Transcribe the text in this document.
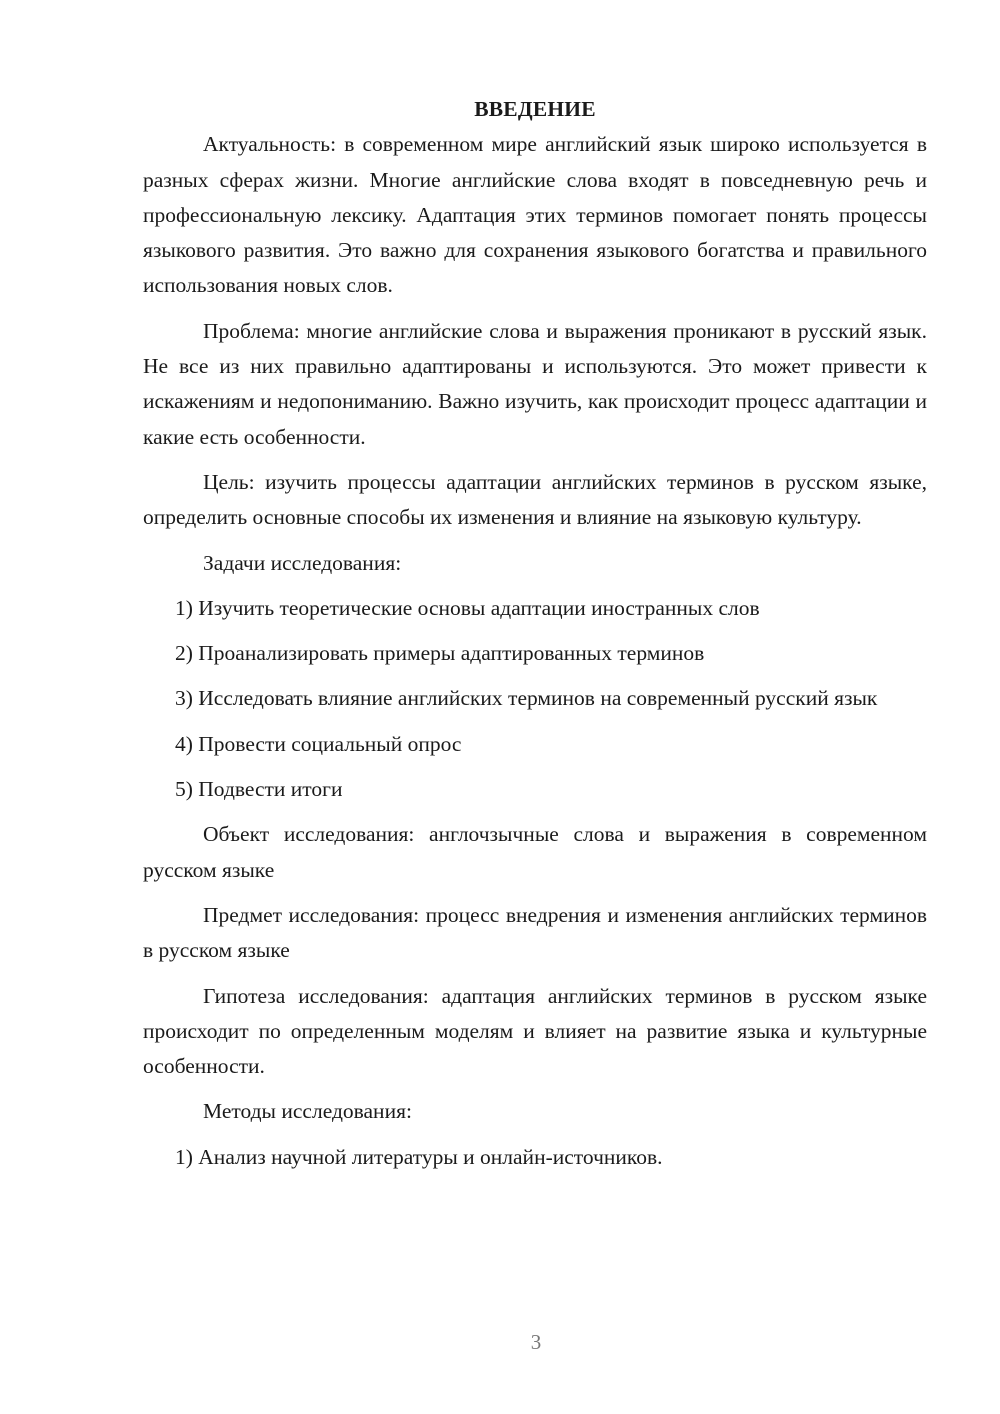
ВВЕДЕНИЕ

Актуальность: в современном мире английский язык широко используется в разных сферах жизни. Многие английские слова входят в повседневную речь и профессиональную лексику. Адаптация этих терминов помогает понять процессы языкового развития. Это важно для сохранения языкового богатства и правильного использования новых слов.

Проблема: многие английские слова и выражения проникают в русский язык. Не все из них правильно адаптированы и используются. Это может привести к искажениям и недопониманию. Важно изучить, как происходит процесс адаптации и какие есть особенности.

Цель: изучить процессы адаптации английских терминов в русском языке, определить основные способы их изменения и влияние на языковую культуру.

Задачи исследования:

1) Изучить теоретические основы адаптации иностранных слов

2) Проанализировать примеры адаптированных терминов

3) Исследовать влияние английских терминов на современный русский язык

4) Провести социальный опрос

5) Подвести итоги

Объект исследования: англочзычные слова и выражения в современном русском языке

Предмет исследования: процесс внедрения и изменения английских терминов в русском языке

Гипотеза исследования: адаптация английских терминов в русском языке происходит по определенным моделям и влияет на развитие языка и культурные особенности.

Методы исследования:

1) Анализ научной литературы и онлайн-источников.

3
